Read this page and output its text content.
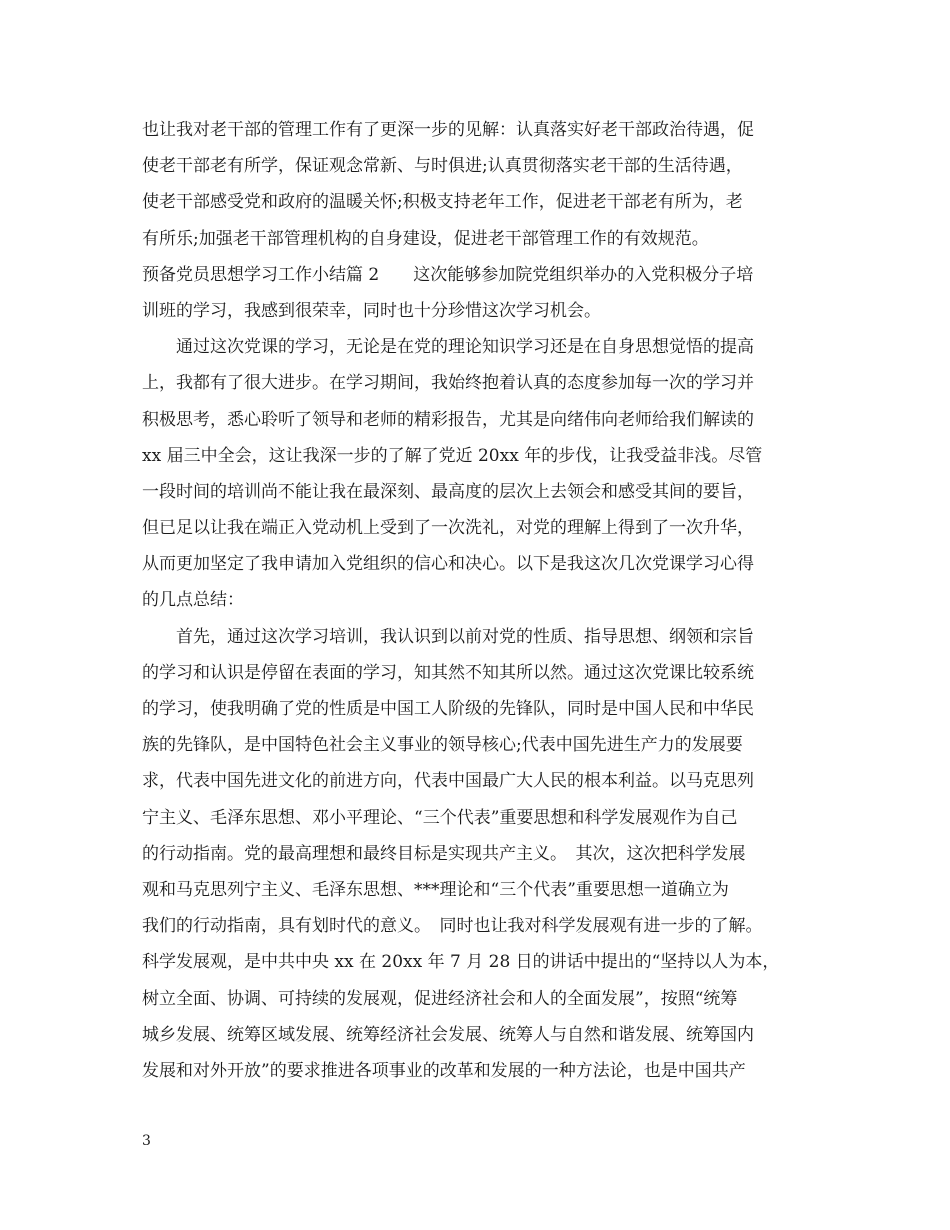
也让我对老干部的管理工作有了更深一步的见解：认真落实好老干部政治待遇，促
使老干部老有所学，保证观念常新、与时俱进;认真贯彻落实老干部的生活待遇，
使老干部感受党和政府的温暖关怀;积极支持老年工作，促进老干部老有所为，老
有所乐;加强老干部管理机构的自身建设，促进老干部管理工作的有效规范。
预备党员思想学习工作小结篇 2　　这次能够参加院党组织举办的入党积极分子培
训班的学习，我感到很荣幸，同时也十分珍惜这次学习机会。
通过这次党课的学习，无论是在党的理论知识学习还是在自身思想觉悟的提高
上，我都有了很大进步。在学习期间，我始终抱着认真的态度参加每一次的学习并
积极思考，悉心聆听了领导和老师的精彩报告，尤其是向绪伟向老师给我们解读的
xx 届三中全会，这让我深一步的了解了党近 20xx 年的步伐，让我受益非浅。尽管
一段时间的培训尚不能让我在最深刻、最高度的层次上去领会和感受其间的要旨，
但已足以让我在端正入党动机上受到了一次洗礼，对党的理解上得到了一次升华，
从而更加坚定了我申请加入党组织的信心和决心。以下是我这次几次党课学习心得
的几点总结：
首先，通过这次学习培训，我认识到以前对党的性质、指导思想、纲领和宗旨
的学习和认识是停留在表面的学习，知其然不知其所以然。通过这次党课比较系统
的学习，使我明确了党的性质是中国工人阶级的先锋队，同时是中国人民和中华民
族的先锋队，是中国特色社会主义事业的领导核心;代表中国先进生产力的发展要
求，代表中国先进文化的前进方向，代表中国最广大人民的根本利益。以马克思列
宁主义、毛泽东思想、邓小平理论、“三个代表”重要思想和科学发展观作为自己
的行动指南。党的最高理想和最终目标是实现共产主义。　其次，这次把科学发展
观和马克思列宁主义、毛泽东思想、***理论和“三个代表”重要思想一道确立为
我们的行动指南，具有划时代的意义。　同时也让我对科学发展观有进一步的了解。
科学发展观，是中共中央 xx 在 20xx 年 7 月 28 日的讲话中提出的“坚持以人为本，
树立全面、协调、可持续的发展观，促进经济社会和人的全面发展”，按照“统筹
城乡发展、统筹区域发展、统筹经济社会发展、统筹人与自然和谐发展、统筹国内
发展和对外开放”的要求推进各项事业的改革和发展的一种方法论，也是中国共产
3
